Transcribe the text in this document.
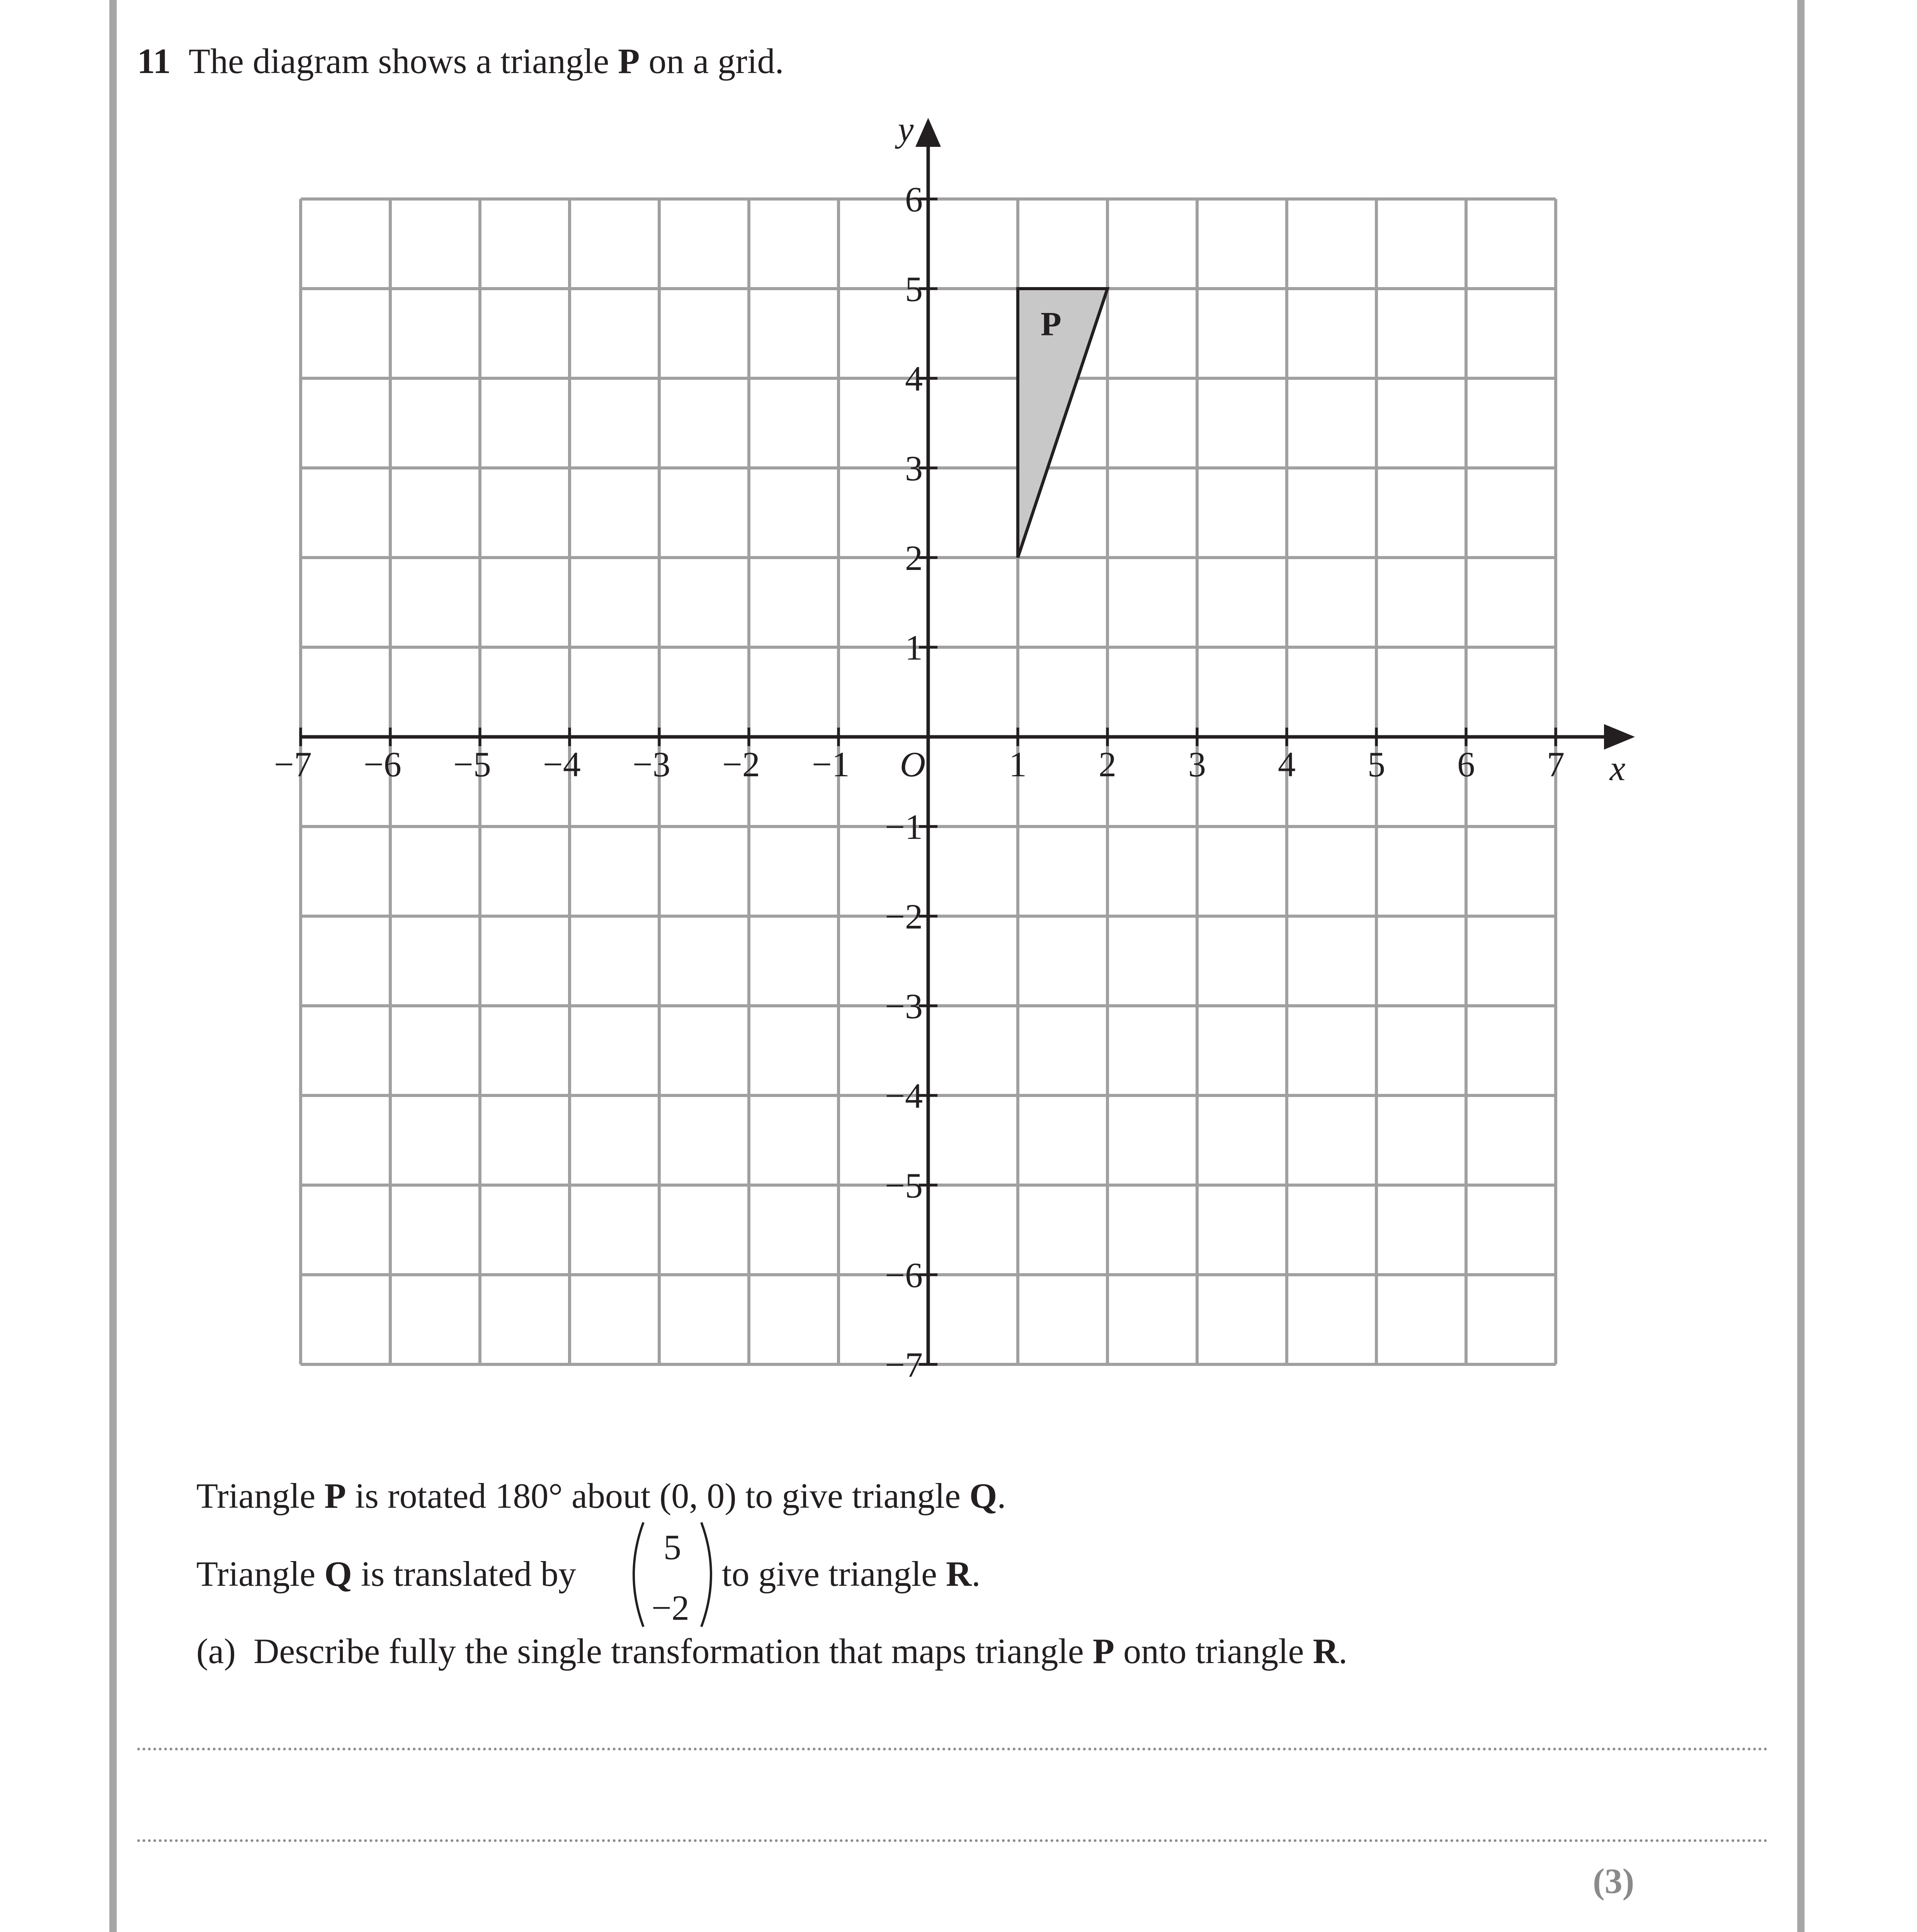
11 The diagram shows a triangle P on a grid.
P
−7 −6 −5 −4 −3 −2 −1	1 2 3 4 5 6 7
6
5
4
3
2
1
−1
−2
−3
−4
−5
−6
−7
O	x
y
Triangle P is rotated 180° about (0, 0) to give triangle Q.
Triangle Q is translated by
5
−2
to give triangle R.
(a) Describe fully the single transformation that maps triangle P onto triangle R.
(3)
